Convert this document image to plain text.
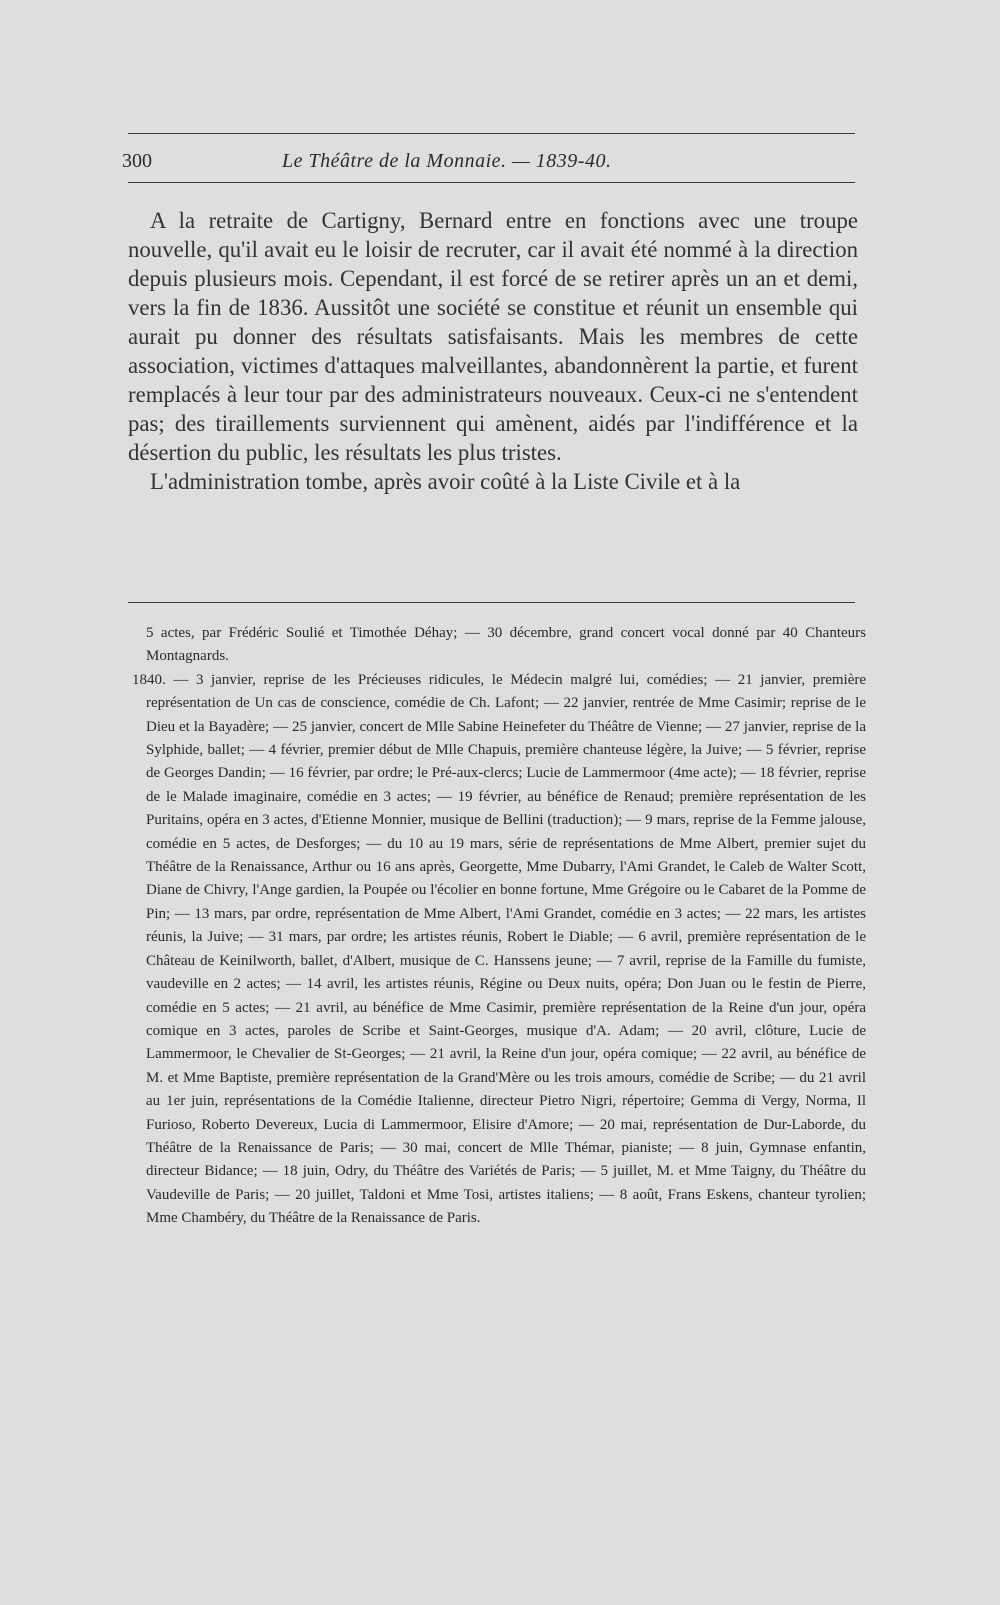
300	Le Théâtre de la Monnaie. — 1839-40.

A la retraite de Cartigny, Bernard entre en fonctions avec une troupe nouvelle, qu'il avait eu le loisir de recruter, car il avait été nommé à la direction depuis plusieurs mois. Cependant, il est forcé de se retirer après un an et demi, vers la fin de 1836. Aussitôt une société se constitue et réunit un ensemble qui aurait pu donner des résultats satisfaisants. Mais les membres de cette association, victimes d'attaques malveillantes, abandonnèrent la partie, et furent remplacés à leur tour par des administrateurs nouveaux. Ceux-ci ne s'entendent pas; des tiraillements surviennent qui amènent, aidés par l'indifférence et la désertion du public, les résultats les plus tristes.

L'administration tombe, après avoir coûté à la Liste Civile et à la

5 actes, par Frédéric Soulié et Timothée Déhay; — 30 décembre, grand concert vocal donné par 40 Chanteurs Montagnards.

1840. — 3 janvier, reprise de les Précieuses ridicules, le Médecin malgré lui, comédies; — 21 janvier, première représentation de Un cas de conscience, comédie de Ch. Lafont; — 22 janvier, rentrée de Mme Casimir; reprise de le Dieu et la Bayadère; — 25 janvier, concert de Mlle Sabine Heinefeter du Théâtre de Vienne; — 27 janvier, reprise de la Sylphide, ballet; — 4 février, premier début de Mlle Chapuis, première chanteuse légère, la Juive; — 5 février, reprise de Georges Dandin; — 16 février, par ordre; le Pré-aux-clercs; Lucie de Lammermoor (4me acte); — 18 février, reprise de le Malade imaginaire, comédie en 3 actes; — 19 février, au bénéfice de Renaud; première représentation de les Puritains, opéra en 3 actes, d'Etienne Monnier, musique de Bellini (traduction); — 9 mars, reprise de la Femme jalouse, comédie en 5 actes, de Desforges; — du 10 au 19 mars, série de représentations de Mme Albert, premier sujet du Théâtre de la Renaissance, Arthur ou 16 ans après, Georgette, Mme Dubarry, l'Ami Grandet, le Caleb de Walter Scott, Diane de Chivry, l'Ange gardien, la Poupée ou l'écolier en bonne fortune, Mme Grégoire ou le Cabaret de la Pomme de Pin; — 13 mars, par ordre, représentation de Mme Albert, l'Ami Grandet, comédie en 3 actes; — 22 mars, les artistes réunis, la Juive; — 31 mars, par ordre; les artistes réunis, Robert le Diable; — 6 avril, première représentation de le Château de Keinilworth, ballet, d'Albert, musique de C. Hanssens jeune; — 7 avril, reprise de la Famille du fumiste, vaudeville en 2 actes; — 14 avril, les artistes réunis, Régine ou Deux nuits, opéra; Don Juan ou le festin de Pierre, comédie en 5 actes; — 21 avril, au bénéfice de Mme Casimir, première représentation de la Reine d'un jour, opéra comique en 3 actes, paroles de Scribe et Saint-Georges, musique d'A. Adam; — 20 avril, clôture, Lucie de Lammermoor, le Chevalier de St-Georges; — 21 avril, la Reine d'un jour, opéra comique; — 22 avril, au bénéfice de M. et Mme Baptiste, première représentation de la Grand'Mère ou les trois amours, comédie de Scribe; — du 21 avril au 1er juin, représentations de la Comédie Italienne, directeur Pietro Nigri, répertoire; Gemma di Vergy, Norma, Il Furioso, Roberto Devereux, Lucia di Lammermoor, Elisire d'Amore; — 20 mai, représentation de Dur-Laborde, du Théâtre de la Renaissance de Paris; — 30 mai, concert de Mlle Thémar, pianiste; — 8 juin, Gymnase enfantin, directeur Bidance; — 18 juin, Odry, du Théâtre des Variétés de Paris; — 5 juillet, M. et Mme Taigny, du Théâtre du Vaudeville de Paris; — 20 juillet, Taldoni et Mme Tosi, artistes italiens; — 8 août, Frans Eskens, chanteur tyrolien; Mme Chambéry, du Théâtre de la Renaissance de Paris.
